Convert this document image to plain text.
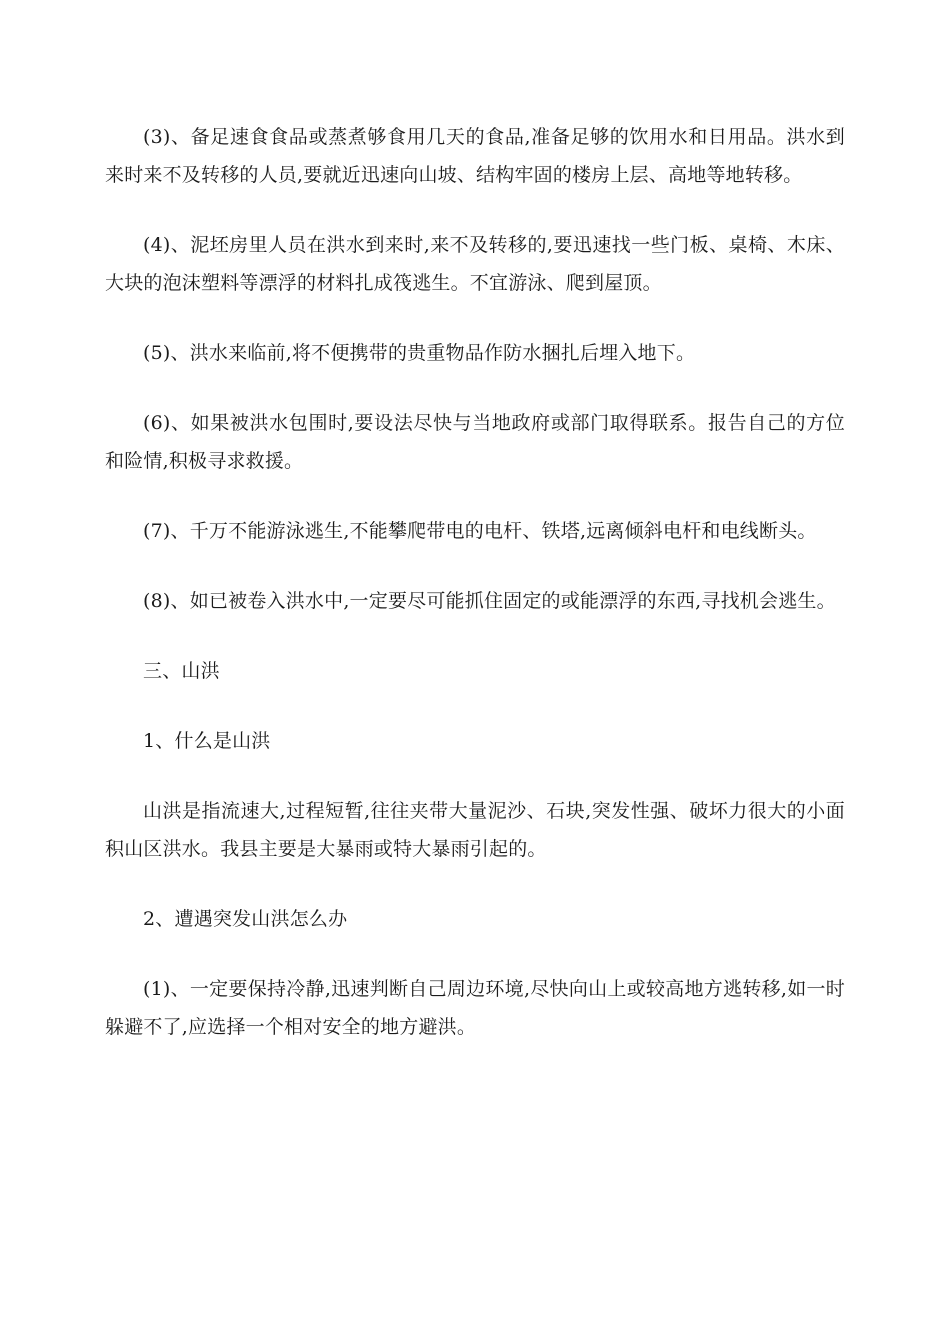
(3)、备足速食食品或蒸煮够食用几天的食品,准备足够的饮用水和日用品。洪水到来时来不及转移的人员,要就近迅速向山坡、结构牢固的楼房上层、高地等地转移。

(4)、泥坯房里人员在洪水到来时,来不及转移的,要迅速找一些门板、桌椅、木床、大块的泡沫塑料等漂浮的材料扎成筏逃生。不宜游泳、爬到屋顶。

(5)、洪水来临前,将不便携带的贵重物品作防水捆扎后埋入地下。

(6)、如果被洪水包围时,要设法尽快与当地政府或部门取得联系。报告自己的方位和险情,积极寻求救援。

(7)、千万不能游泳逃生,不能攀爬带电的电杆、铁塔,远离倾斜电杆和电线断头。

(8)、如已被卷入洪水中,一定要尽可能抓住固定的或能漂浮的东西,寻找机会逃生。

三、山洪

1、什么是山洪

山洪是指流速大,过程短暂,往往夹带大量泥沙、石块,突发性强、破坏力很大的小面积山区洪水。我县主要是大暴雨或特大暴雨引起的。

2、遭遇突发山洪怎么办

(1)、一定要保持冷静,迅速判断自己周边环境,尽快向山上或较高地方逃转移,如一时躲避不了,应选择一个相对安全的地方避洪。
